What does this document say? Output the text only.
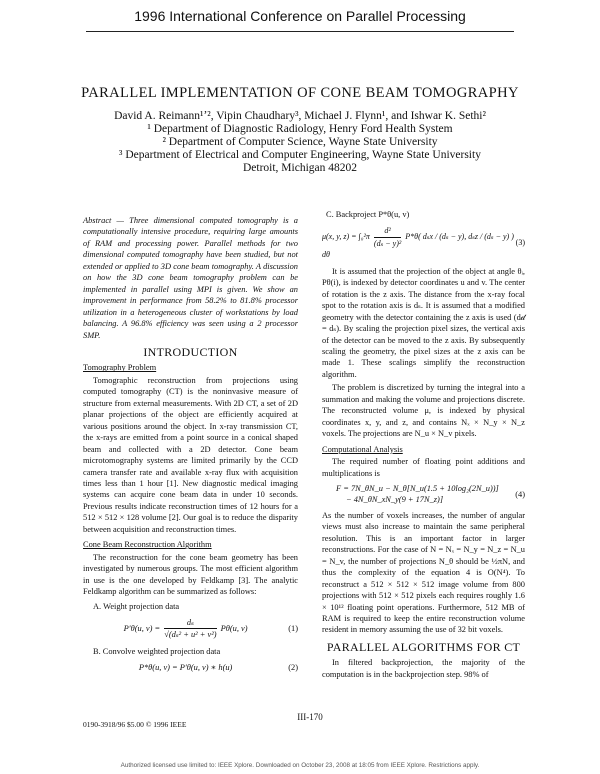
1996 International Conference on Parallel Processing
PARALLEL IMPLEMENTATION OF CONE BEAM TOMOGRAPHY
David A. Reimann¹ʼ², Vipin Chaudhary³, Michael J. Flynn¹, and Ishwar K. Sethi²
¹ Department of Diagnostic Radiology, Henry Ford Health System
² Department of Computer Science, Wayne State University
³ Department of Electrical and Computer Engineering, Wayne State University
Detroit, Michigan 48202

Abstract — Three dimensional computed tomography is a computationally intensive procedure, requiring large amounts of RAM and processing power. Parallel methods for two dimensional computed tomography have been studied, but not extended or applied to 3D cone beam tomography. A discussion on how the 3D cone beam tomography problem can be implemented in parallel using MPI is given. We show an improvement in performance from 58.2% to 81.8% processor utilization in a heterogeneous cluster of workstations by load balancing. A 96.8% efficiency was seen using a 2 processor SMP.

INTRODUCTION
Tomography Problem

Tomographic reconstruction from projections using computed tomography (CT) is the noninvasive measure of structure from external measurements. With 2D CT, a set of 2D planar projections of the object are efficiently acquired at various positions around the object. In x-ray transmission CT, the x-rays are emitted from a point source in a conical shaped beam and collected with a 2D detector. Cone beam microtomography systems are limited primarily by the CCD camera transfer rate and available x-ray flux with acquisition times less than 1 hour [1]. New diagnostic medical imaging systems can acquire cone beam data in under 10 seconds. Previous results indicate reconstruction times of 12 hours for a 512 × 512 × 128 volume [2]. Our goal is to reduce the disparity between acquisition and reconstruction times.

Cone Beam Reconstruction Algorithm

The reconstruction for the cone beam geometry has been investigated by numerous groups. The most efficient algorithm in use is the one developed by Feldkamp [3]. The analytic Feldkamp algorithm can be summarized as follows:

A. Weight projection data
P′θ(u, $v) = \frac{\text{dₛ}}{\text{√(dₛ² + u² + v²)}} P\theta(u$, v)	(1)
B. Convolve weighted projection data
P*θ(u, v) = P′θ(u, v) ∗ h(u)	(2)
C. Backproject P*θ(u, v)
μ(x, y, $z) = \int_0^2\pi \frac{\text{d²}}{\text{(dₛ − y)²}} P*\theta$( dₛx / (dₛ − y), dₛz / (dₛ − y) ) dθ
(3)

It is assumed that the projection of the object at angle θᵢ, Pθ(i), is indexed by detector coordinates u and v. The center of rotation is the z axis. The distance from the x-ray focal spot to the rotation axis is dₛ. It is assumed that a modified geometry with the detector containing the z axis is used (d𝒹 = dₛ). By scaling the projection pixel sizes, the vertical axis of the detector can be moved to the z axis. By subsequently scaling the geometry, the pixel sizes at the z axis can be made 1. These scalings simplify the reconstruction algorithm.

The problem is discretized by turning the integral into a summation and making the volume and projections discrete. The reconstructed volume μ, is indexed by physical coordinates x, y, and z, and contains Nₓ × N_y × N_z voxels. The projections are N_u × N_v pixels.

Computational Analysis

The required number of floating point additions and multiplications is

F = 7N_θN_u − N_θ[N_u(1.5 + 10log₂(2N_u))]
− 4N_θN_xN_y(9 + 17N_z)]
(4)

As the number of voxels increases, the number of angular views must also increase to maintain the same peripheral resolution. This is an important factor in larger reconstructions. For the case of N = Nₓ = N_y = N_z = N_u = N_v, the number of projections N_θ should be ½πN, and thus the complexity of the equation 4 is O(N⁴). To reconstruct a 512 × 512 × 512 image volume from 800 projections with 512 × 512 pixels each requires roughly 1.6 × 10¹² floating point operations. Furthermore, 512 MB of RAM is required to keep the entire reconstruction volume resident in memory assuming the use of 32 bit voxels.

PARALLEL ALGORITHMS FOR CT

In filtered backprojection, the majority of the computation is in the backprojection step. 98% of

III-170
0190-3918/96 $5.00 © 1996 IEEE
Authorized licensed use limited to: IEEE Xplore. Downloaded on October 23, 2008 at 18:05 from IEEE Xplore. Restrictions apply.
